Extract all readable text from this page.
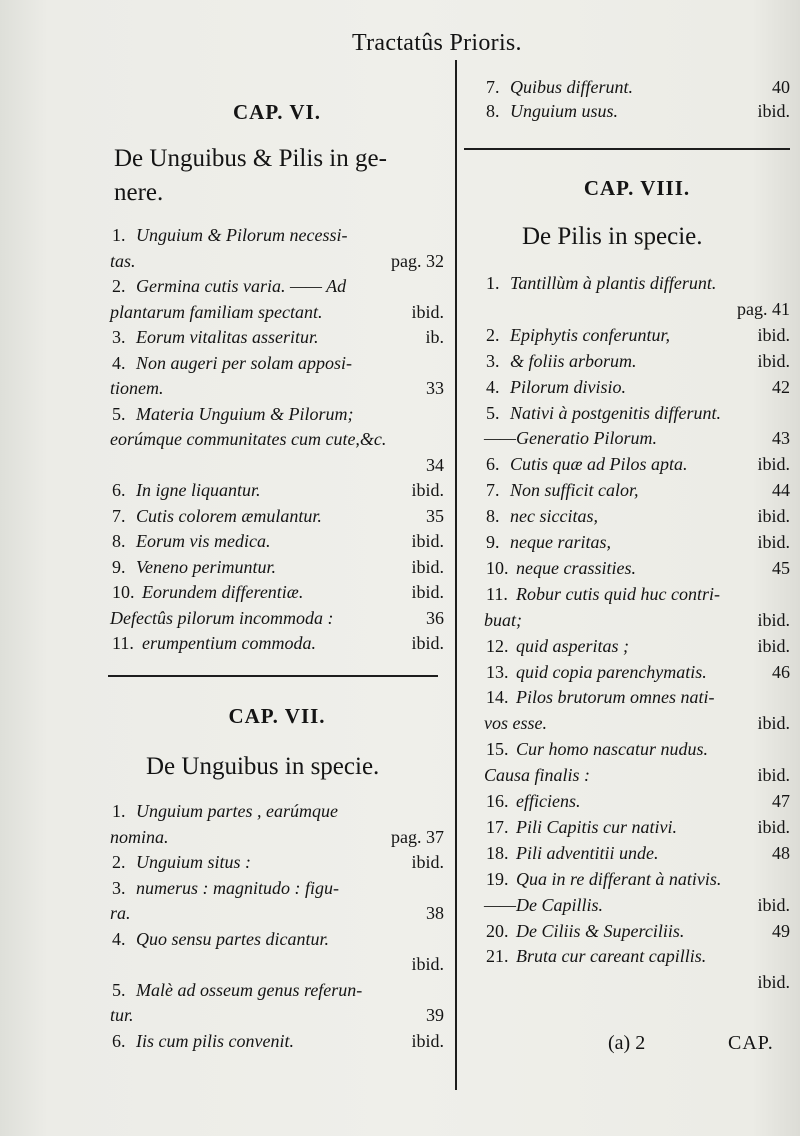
Tractatûs Prioris.
CAP. VI.
De Unguibus & Pilis in ge-
nere.
1. Unguium & Pilorum necessi-
tas.	pag. 32
2. Germina cutis varia. —— Ad
plantarum familiam spectant.	ibid.
3. Eorum vitalitas asseritur.	ib.
4. Non augeri per solam apposi-
tionem.	33
5. Materia Unguium & Pilorum;
eorúmque communitates cum cute,&c.
34
6. In igne liquantur.	ibid.
7. Cutis colorem æmulantur.	35
8. Eorum vis medica.	ibid.
9. Veneno perimuntur.	ibid.
10. Eorundem differentiæ.	ibid.
Defectûs pilorum incommoda :	36
11. erumpentium commoda.	ibid.
CAP. VII.
De Unguibus in specie.
1. Unguium partes , earúmque
nomina.	pag. 37
2. Unguium situs :	ibid.
3. numerus : magnitudo : figu-
ra.	38
4. Quo sensu partes dicantur.
ibid.
5. Malè ad osseum genus referun-
tur.	39
6. Iis cum pilis convenit.	ibid.
7. Quibus differunt.	40
8. Unguium usus.	ibid.
CAP. VIII.
De Pilis in specie.
1. Tantillùm à plantis differunt.
pag. 41
2. Epiphytis conferuntur,	ibid.
3. & foliis arborum.	ibid.
4. Pilorum divisio.	42
5. Nativi à postgenitis differunt.
——Generatio Pilorum.	43
6. Cutis quæ ad Pilos apta.	ibid.
7. Non sufficit calor,	44
8. nec siccitas,	ibid.
9. neque raritas,	ibid.
10. neque crassities.	45
11. Robur cutis quid huc contri-
buat;	ibid.
12. quid asperitas ;	ibid.
13. quid copia parenchymatis.	46
14. Pilos brutorum omnes nati-
vos esse.	ibid.
15. Cur homo nascatur nudus.
Causa finalis :	ibid.
16. efficiens.	47
17. Pili Capitis cur nativi.	ibid.
18. Pili adventitii unde.	48
19. Qua in re differant à nativis.
——De Capillis.	ibid.
20. De Ciliis & Superciliis.	49
21. Bruta cur careant capillis.
ibid.
(a) 2	CAP.
